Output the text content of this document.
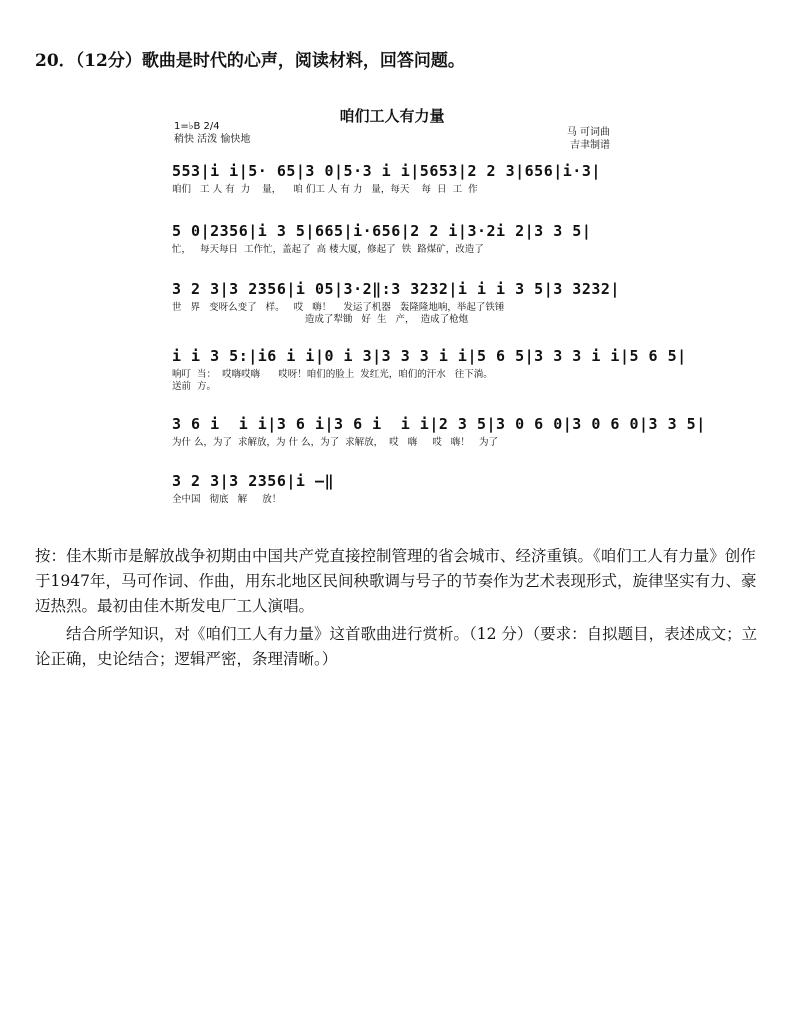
20．（12分）歌曲是时代的心声，阅读材料，回答问题。
咱们工人有力量
1=♭B 2/4
稍快 活泼 愉快地
马 可词曲
吉聿制谱
553|i i|5· 65|3 0|5·3 i i|5653|2 2 3|656|i·3|
咱们   工 人 有  力    量，    咱 们工 人 有 力   量，每天    每  日  工  作
5 0|2356|i 3 5|665|i·656|2 2 i|3·2i 2|3 3 5|
忙，   每天每日  工作忙，盖起了  高 楼大厦，修起了  铁  路煤矿，改造了
3 2 3|3 2356|i 05|3·2‖:3 3232|i i i 3 5|3 3232|
世   界   变呀么变了   样。   哎   嗨！    发运了机器   轰隆隆地响，举起了铁锤
造成了犁锄   好  生   产，  造成了枪炮
i i 3 5:|i6 i i|0 i 3|3 3 3 i i|5 6 5|3 3 3 i i|5 6 5|
响叮  当：  哎嗨哎嗨      哎呀！咱们的脸上  发红光，咱们的汗水   往下淌。
送前  方。
3 6 i  i i|3 6 i|3 6 i  i i|2 3 5|3 0 6 0|3 0 6 0|3 3 5|
为什 么，为了  求解放，为 什 么，为了  求解放，  哎   嗨     哎   嗨！   为了
3 2 3|3 2356|i –‖
全中国   彻底   解     放！
按：佳木斯市是解放战争初期由中国共产党直接控制管理的省会城市、经济重镇。《咱们工人有力量》创作于1947年，马可作词、作曲，用东北地区民间秧歌调与号子的节奏作为艺术表现形式，旋律坚实有力、豪迈热烈。最初由佳木斯发电厂工人演唱。
结合所学知识，对《咱们工人有力量》这首歌曲进行赏析。（12 分）（要求：自拟题目，表述成文；立论正确，史论结合；逻辑严密，条理清晰。）
